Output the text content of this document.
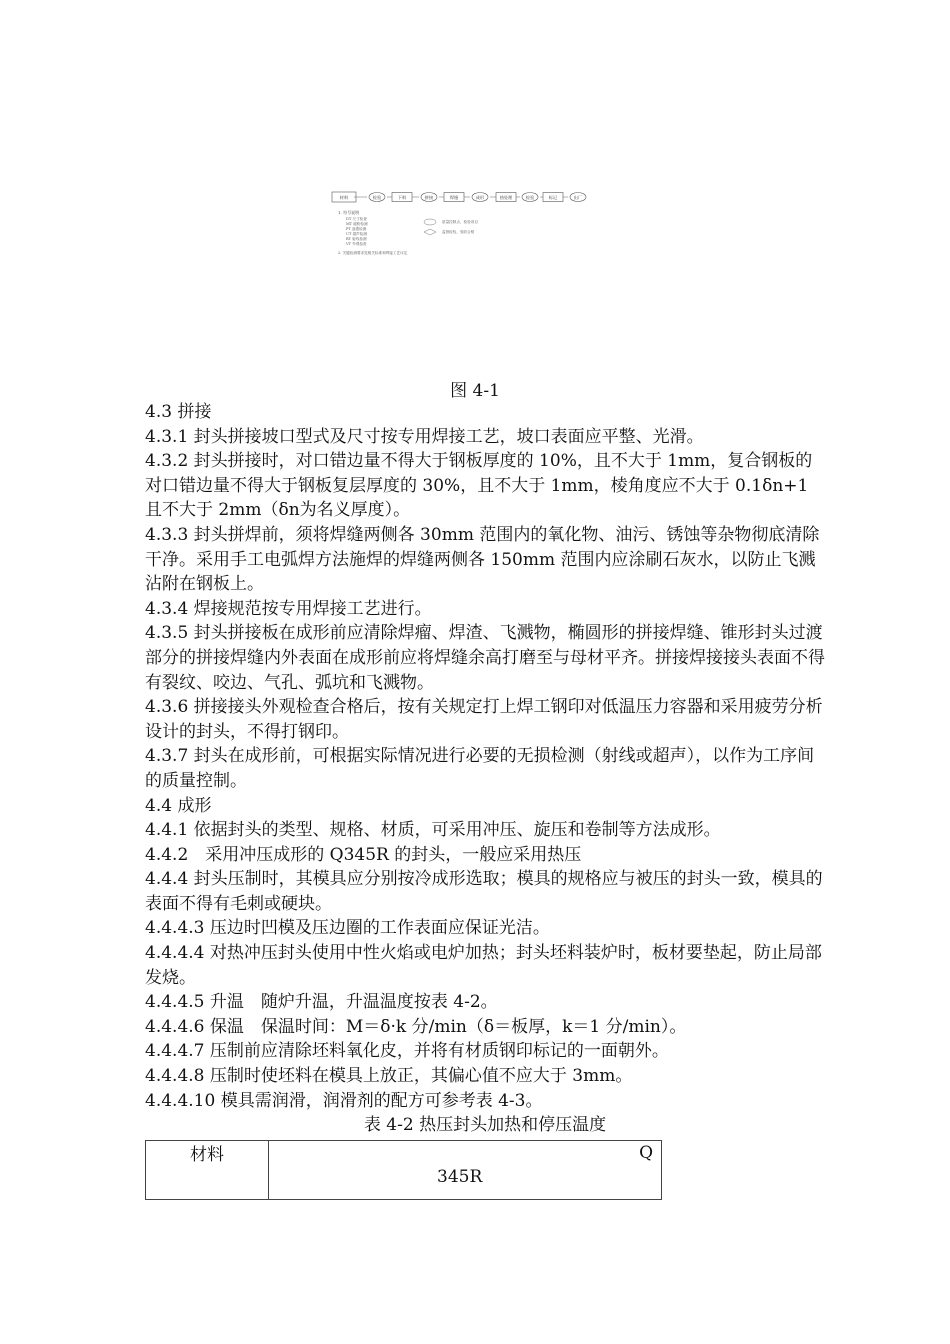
材料	检验	下料	拼接	焊缝	成形	热处理	检验	标记	出厂
1. 符号说明
DT 尺寸检查
MT 磁粉检测
PT 渗透检测
UT 超声检测
RT 射线检测
VT 外观检查
质量控制点，检验项目
监督检验，验收合格
2. 关键检测要求见相关标准和焊接工艺评定
图 4-1

4.3 拼接

4.3.1 封头拼接坡口型式及尺寸按专用焊接工艺，坡口表面应平整、光滑。

4.3.2 封头拼接时，对口错边量不得大于钢板厚度的 10%，且不大于 1mm，复合钢板的对口错边量不得大于钢板复层厚度的 30%，且不大于 1mm，棱角度应不大于 0.1δn+1 且不大于 2mm（δn为名义厚度）。

4.3.3 封头拼焊前，须将焊缝两侧各 30mm 范围内的氧化物、油污、锈蚀等杂物彻底清除干净。采用手工电弧焊方法施焊的焊缝两侧各 150mm 范围内应涂刷石灰水，以防止飞溅沾附在钢板上。

4.3.4 焊接规范按专用焊接工艺进行。

4.3.5 封头拼接板在成形前应清除焊瘤、焊渣、飞溅物，椭圆形的拼接焊缝、锥形封头过渡部分的拼接焊缝内外表面在成形前应将焊缝余高打磨至与母材平齐。拼接焊接接头表面不得有裂纹、咬边、气孔、弧坑和飞溅物。

4.3.6 拼接接头外观检查合格后，按有关规定打上焊工钢印对低温压力容器和采用疲劳分析设计的封头，不得打钢印。

4.3.7 封头在成形前，可根据实际情况进行必要的无损检测（射线或超声），以作为工序间的质量控制。

4.4 成形

4.4.1 依据封头的类型、规格、材质，可采用冲压、旋压和卷制等方法成形。

4.4.2　采用冲压成形的 Q345R 的封头，一般应采用热压

4.4.4 封头压制时，其模具应分别按冷成形选取；模具的规格应与被压的封头一致，模具的表面不得有毛刺或硬块。

4.4.4.3 压边时凹模及压边圈的工作表面应保证光洁。

4.4.4.4 对热冲压封头使用中性火焰或电炉加热；封头坯料装炉时，板材要垫起，防止局部发烧。

4.4.4.5 升温　随炉升温，升温温度按表 4-2。

4.4.4.6 保温　保温时间：M＝δ·k 分/min（δ＝板厚，k＝1 分/min）。

4.4.4.7 压制前应清除坯料氧化皮，并将有材质钢印标记的一面朝外。

4.4.4.8 压制时使坯料在模具上放正，其偏心值不应大于 3mm。

4.4.4.10 模具需润滑，润滑剂的配方可参考表 4-3。

表 4-2 热压封头加热和停压温度

材料	Q
345R
